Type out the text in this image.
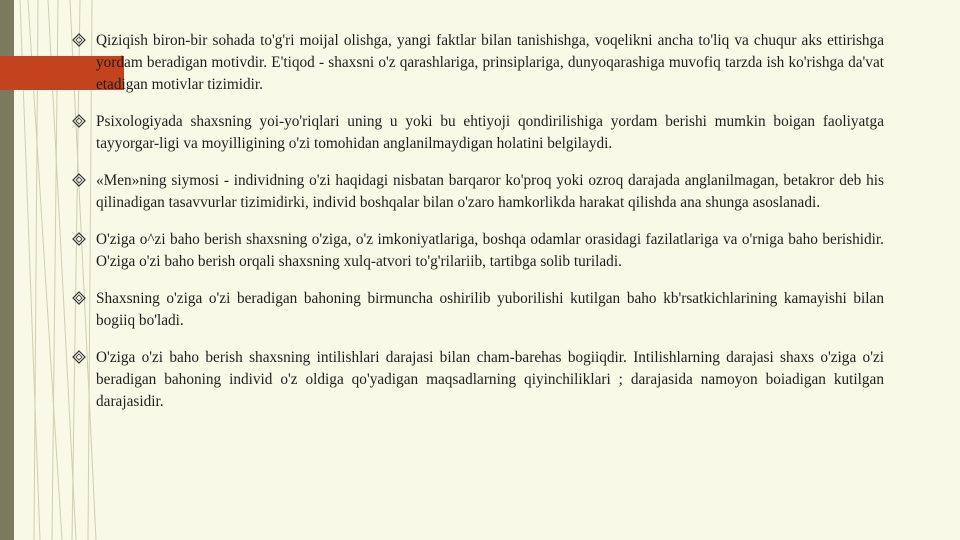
Qiziqish biron-bir sohada to'g'ri moijal olishga, yangi faktlar bilan tanishishga, voqelikni ancha to'liq va chuqur aks ettirishga yordam beradigan motivdir. E'tiqod - shaxsni o'z qarashlariga, prinsiplariga, dunyoqarashiga muvofiq tarzda ish ko'rishga da'vat etadigan motivlar tizimidir.
Psixologiyada shaxsning yoi-yo'riqlari uning u yoki bu ehtiyoji qondirilishiga yordam berishi mumkin boigan faoliyatga tayyorgar-ligi va moyilligining o'zi tomohidan anglanilmaydigan holatini belgilaydi.
«Men»ning siymosi - individning o'zi haqidagi nisbatan barqaror ko'proq yoki ozroq darajada anglanilmagan, betakror deb his qilinadigan tasavvurlar tizimidirki, individ boshqalar bilan o'zaro hamkorlikda harakat qilishda ana shunga asoslanadi.
O'ziga o^zi baho berish shaxsning o'ziga, o'z imkoniyatlariga, boshqa odamlar orasidagi fazilatlariga va o'rniga baho berishidir. O'ziga o'zi baho berish orqali shaxsning xulq-atvori to'g'rilariib, tartibga solib turiladi.
Shaxsning o'ziga o'zi beradigan bahoning birmuncha oshirilib yuborilishi kutilgan baho kb'rsatkichlarining kamayishi bilan bogiiq bo'ladi.
O'ziga o'zi baho berish shaxsning intilishlari darajasi bilan cham-barehas bogiiqdir. Intilishlarning darajasi shaxs o'ziga o'zi beradigan bahoning individ o'z oldiga qo'yadigan maqsadlarning qiyinchiliklari ; darajasida namoyon boiadigan kutilgan darajasidir.
